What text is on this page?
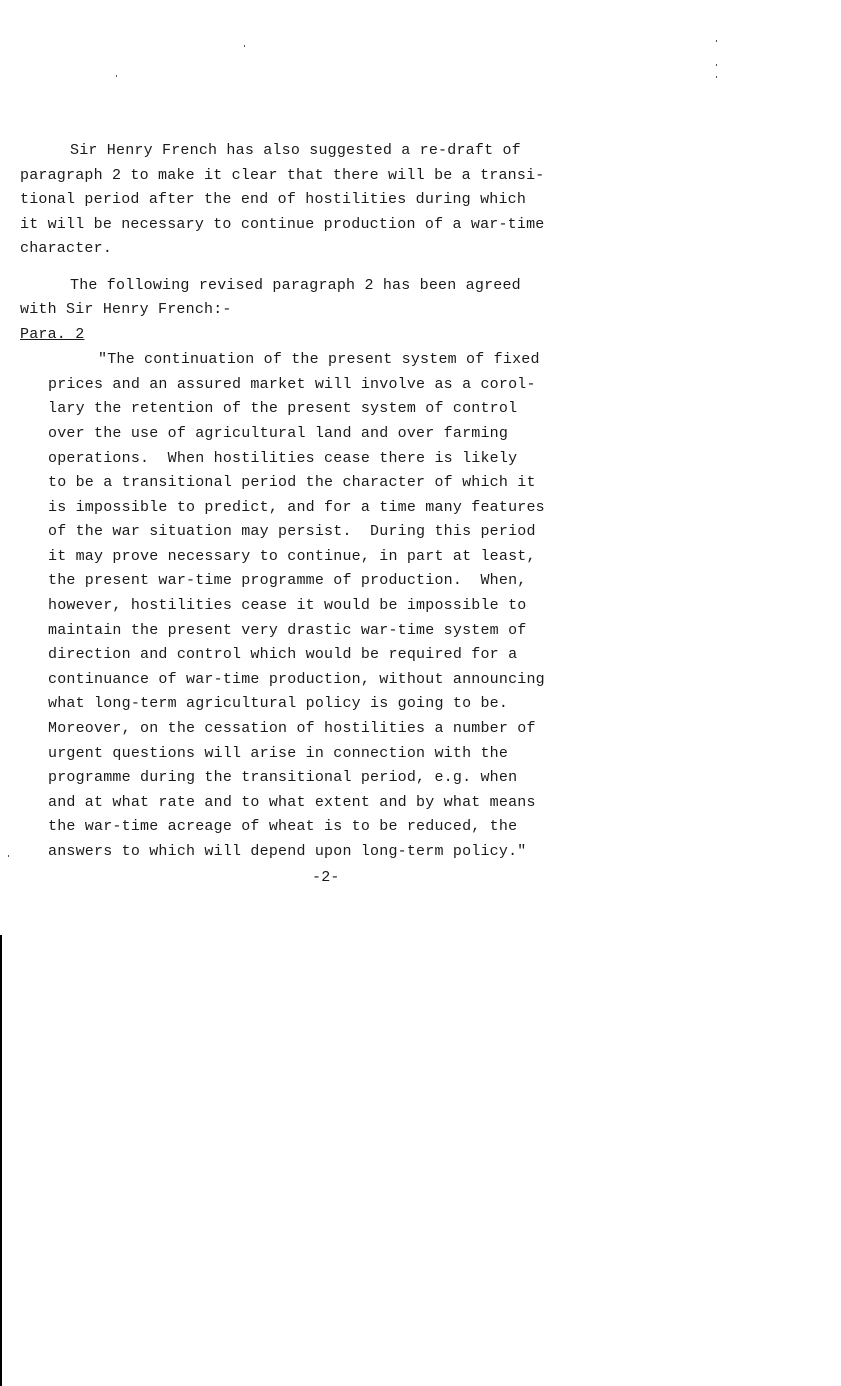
Sir Henry French has also suggested a re-draft of
paragraph 2 to make it clear that there will be a transi-
tional period after the end of hostilities during which
it will be necessary to continue production of a war-time
character.
The following revised paragraph 2 has been agreed
with Sir Henry French:-
Para. 2
"The continuation of the present system of fixed
prices and an assured market will involve as a corol-
lary the retention of the present system of control
over the use of agricultural land and over farming
operations.  When hostilities cease there is likely
to be a transitional period the character of which it
is impossible to predict, and for a time many features
of the war situation may persist.  During this period
it may prove necessary to continue, in part at least,
the present war-time programme of production.  When,
however, hostilities cease it would be impossible to
maintain the present very drastic war-time system of
direction and control which would be required for a
continuance of war-time production, without announcing
what long-term agricultural policy is going to be.
Moreover, on the cessation of hostilities a number of
urgent questions will arise in connection with the
programme during the transitional period, e.g. when
and at what rate and to what extent and by what means
the war-time acreage of wheat is to be reduced, the
answers to which will depend upon long-term policy."
-2-
